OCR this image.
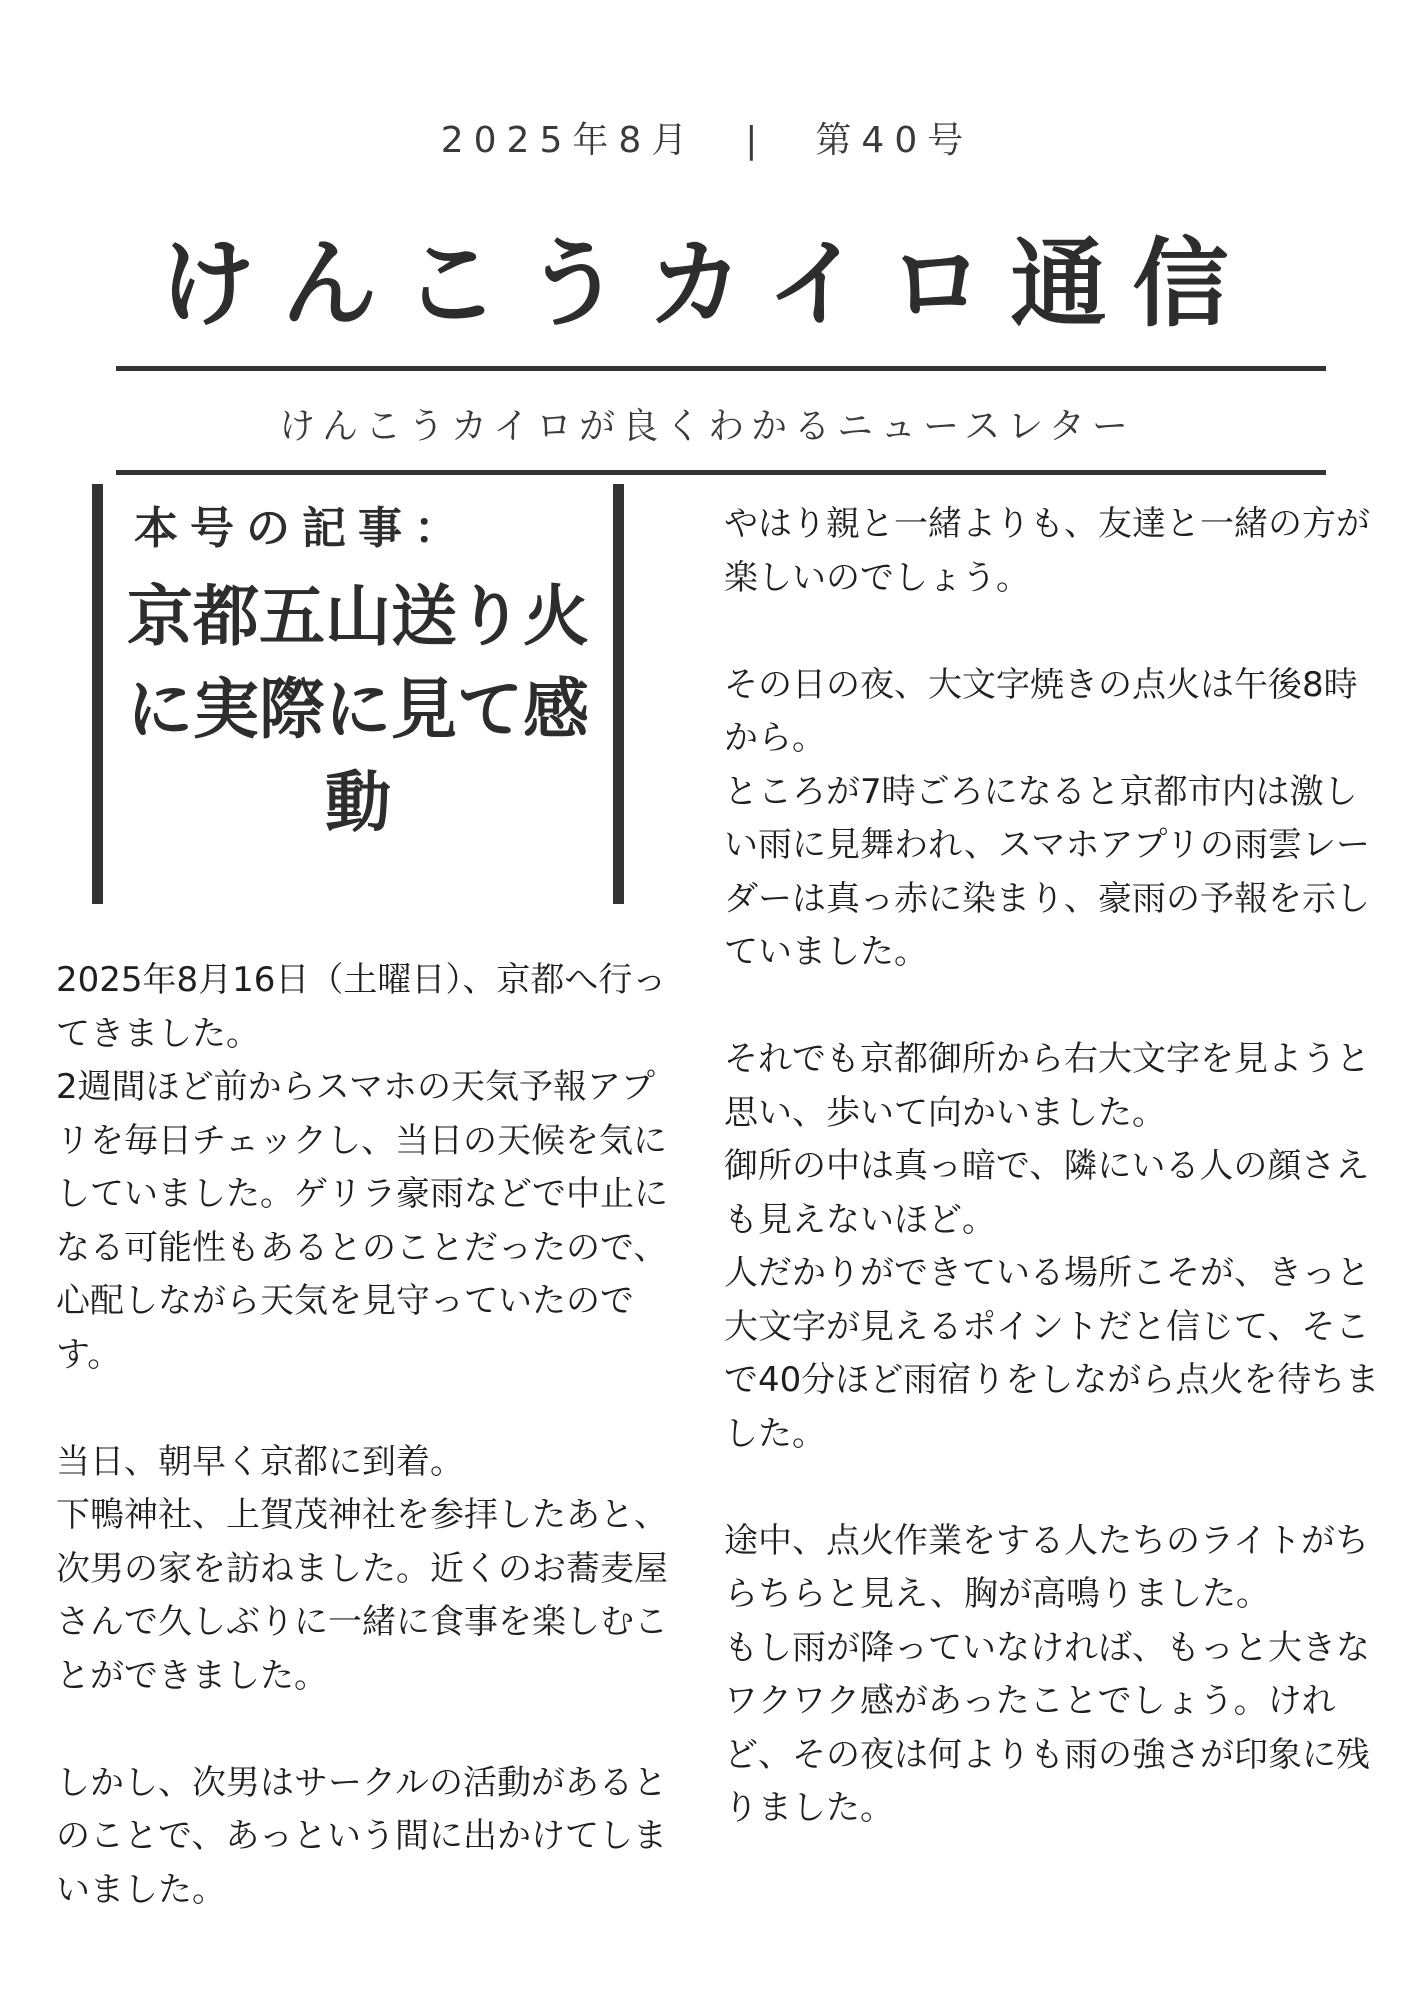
2025年8月 | 第40号
けんこうカイロ通信
けんこうカイロが良くわかるニュースレター
本号の記事：
京都五山送り火に実際に見て感動

2025年8月16日（土曜日）、京都へ行ってきました。

2週間ほど前からスマホの天気予報アプリを毎日チェックし、当日の天候を気にしていました。ゲリラ豪雨などで中止になる可能性もあるとのことだったので、心配しながら天気を見守っていたのです。

当日、朝早く京都に到着。

下鴨神社、上賀茂神社を参拝したあと、次男の家を訪ねました。近くのお蕎麦屋さんで久しぶりに一緒に食事を楽しむことができました。

しかし、次男はサークルの活動があるとのことで、あっという間に出かけてしまいました。

やはり親と一緒よりも、友達と一緒の方が楽しいのでしょう。

その日の夜、大文字焼きの点火は午後8時から。

ところが7時ごろになると京都市内は激しい雨に見舞われ、スマホアプリの雨雲レーダーは真っ赤に染まり、豪雨の予報を示していました。

それでも京都御所から右大文字を見ようと思い、歩いて向かいました。

御所の中は真っ暗で、隣にいる人の顔さえも見えないほど。

人だかりができている場所こそが、きっと大文字が見えるポイントだと信じて、そこで40分ほど雨宿りをしながら点火を待ちました。

途中、点火作業をする人たちのライトがちらちらと見え、胸が高鳴りました。

もし雨が降っていなければ、もっと大きなワクワク感があったことでしょう。けれど、その夜は何よりも雨の強さが印象に残りました。
